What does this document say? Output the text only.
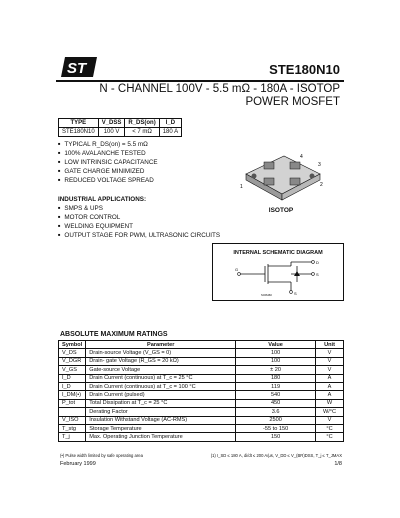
ST	STE180N10
N - CHANNEL 100V - 5.5 mΩ - 180A - ISOTOP
POWER MOSFET
TYPE	V_DSS	R_DS(on)	I_D
STE180N10	100 V	< 7 mΩ	180 A
■ TYPICAL R_DS(on) = 5.5 mΩ
■ 100% AVALANCHE TESTED
■ LOW INTRINSIC CAPACITANCE
■ GATE CHARGE MINIMIZED
■ REDUCED VOLTAGE SPREAD
4
3
2
1
ISOTOP
INDUSTRIAL APPLICATIONS:
■ SMPS & UPS
■ MOTOR CONTROL
■ WELDING EQUIPMENT
■ OUTPUT STAGE FOR PWM, ULTRASONIC CIRCUITS
INTERNAL SCHEMATIC DIAGRAM
G
D
S
S
SC06460
ABSOLUTE MAXIMUM RATINGS
Symbol	Parameter	Value	Unit
V_DS	Drain-source Voltage (V_GS = 0)	100	V
V_DGR	Drain- gate Voltage (R_GS = 20 kΩ)	100	V
V_GS	Gate-source Voltage	± 20	V
I_D	Drain Current (continuous) at T_c = 25 °C	180	A
I_D	Drain Current (continuous) at T_c = 100 °C	119	A
I_DM(•)	Drain Current (pulsed)	540	A
P_tot	Total Dissipation at T_c = 25 °C	450	W
	Derating Factor	3.6	W/°C
V_ISO	Insulation Withstand Voltage (AC-RMS)	2500	V
T_stg	Storage Temperature	-55 to 150	°C
T_j	Max. Operating Junction Temperature	150	°C
(•) Pulse width limited by safe operating area	(1) I_SD ≤ 180 A, di/dt ≤ 200 A/μs, V_DD ≤ V_(BR)DSS, T_j ≤ T_JMAX
February 1999	1/8
